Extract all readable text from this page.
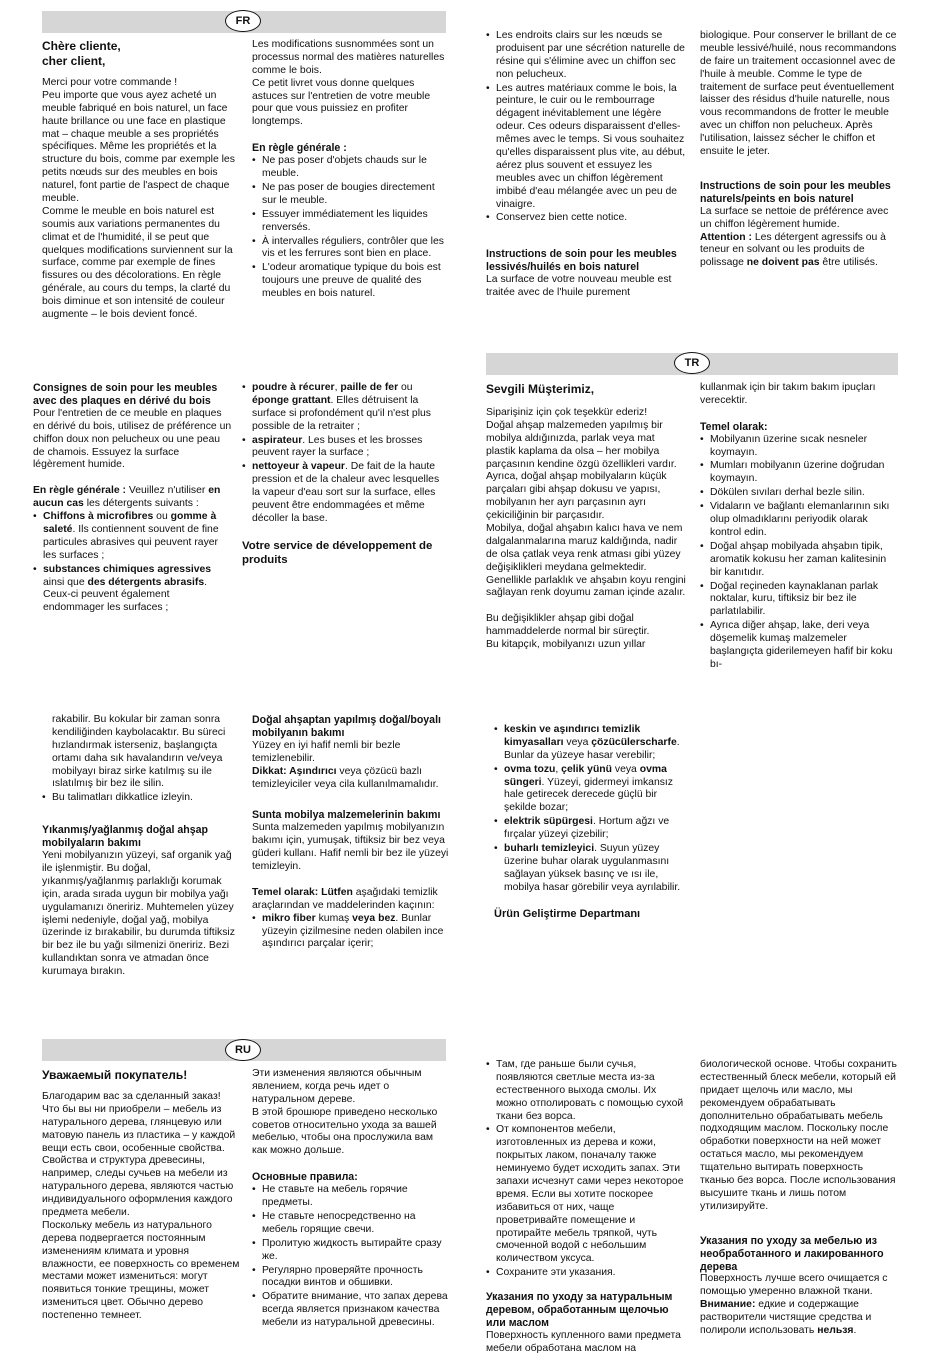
FR
Chère cliente,
cher client,

Merci pour votre commande !

Peu importe que vous ayez acheté un meuble fabriqué en bois naturel, un face haute brillance ou une face en plastique mat – chaque meuble a ses propriétés spécifiques. Même les propriétés et la structure du bois, comme par exemple les petits nœuds sur des meubles en bois naturel, font partie de l'aspect de chaque meuble.

Comme le meuble en bois naturel est soumis aux variations permanentes du climat et de l'humidité, il se peut que quelques modifications surviennent sur la surface, comme par exemple de fines fissures ou des décolorations. En règle générale, au cours du temps, la clarté du bois diminue et son intensité de couleur augmente – le bois devient foncé.

Les modifications susnommées sont un processus normal des matières naturelles comme le bois.

Ce petit livret vous donne quelques astuces sur l'entretien de votre meuble pour que vous puissiez en profiter longtemps.

En règle générale :
• Ne pas poser d'objets chauds sur le meuble.
• Ne pas poser de bougies directement sur le meuble.
• Essuyer immédiatement les liquides renversés.
• À intervalles réguliers, contrôler que les vis et les ferrures sont bien en place.
• L'odeur aromatique typique du bois est toujours une preuve de qualité des meubles en bois naturel.
• Les endroits clairs sur les nœuds se produisent par une sécrétion naturelle de résine qui s'élimine avec un chiffon sec non pelucheux.
• Les autres matériaux comme le bois, la peinture, le cuir ou le rembourrage dégagent inévitablement une légère odeur. Ces odeurs disparaissent d'elles-mêmes avec le temps. Si vous souhaitez qu'elles disparaissent plus vite, au début, aérez plus souvent et essuyez les meubles avec un chiffon légèrement imbibé d'eau mélangée avec un peu de vinaigre.
• Conservez bien cette notice.
Instructions de soin pour les meubles lessivés/huilés en bois naturel

La surface de votre nouveau meuble est traitée avec de l'huile purement

biologique. Pour conserver le brillant de ce meuble lessivé/huilé, nous recommandons de faire un traitement occasionnel avec de l'huile à meuble. Comme le type de traitement de surface peut éventuellement laisser des résidus d'huile naturelle, nous vous recommandons de frotter le meuble avec un chiffon non pelucheux. Après l'utilisation, laissez sécher le chiffon et ensuite le jeter.

Instructions de soin pour les meubles naturels/peints en bois naturel

La surface se nettoie de préférence avec un chiffon légèrement humide.

Attention : Les détergent agressifs ou à teneur en solvant ou les produits de polissage ne doivent pas être utilisés.

Consignes de soin pour les meubles avec des plaques en dérivé du bois

Pour l'entretien de ce meuble en plaques en dérivé du bois, utilisez de préférence un chiffon doux non pelucheux ou une peau de chamois. Essuyez la surface légèrement humide.

En règle générale : Veuillez n'utiliser en aucun cas les détergents suivants :

• Chiffons à microfibres ou gomme à saleté. Ils contiennent souvent de fine particules abrasives qui peuvent rayer les surfaces ;
• substances chimiques agressives ainsi que des détergents abrasifs. Ceux-ci peuvent également endommager les surfaces ;
• poudre à récurer, paille de fer ou éponge grattant. Elles détruisent la surface si profondément qu'il n'est plus possible de la retraiter ;
• aspirateur. Les buses et les brosses peuvent rayer la surface ;
• nettoyeur à vapeur. De fait de la haute pression et de la chaleur avec lesquelles la vapeur d'eau sort sur la surface, elles peuvent être endommagées et même décoller la base.
Votre service de développement de produits
TR
Sevgili Müşterimiz,

Siparişiniz için çok teşekkür ederiz!

Doğal ahşap malzemeden yapılmış bir mobilya aldığınızda, parlak veya mat plastik kaplama da olsa – her mobilya parçasının kendine özgü özellikleri vardır. Ayrıca, doğal ahşap mobilyaların küçük parçaları gibi ahşap dokusu ve yapısı, mobilyanın her ayrı parçasının ayrı çekiciliğinin bir parçasıdır.

Mobilya, doğal ahşabın kalıcı hava ve nem dalgalanmalarına maruz kaldığında, nadir de olsa çatlak veya renk atması gibi yüzey değişiklikleri meydana gelmektedir. Genellikle parlaklık ve ahşabın koyu rengini sağlayan renk doyumu zaman içinde azalır.

Bu değişiklikler ahşap gibi doğal hammaddelerde normal bir süreçtir.

Bu kitapçık, mobilyanızı uzun yıllar

kullanmak için bir takım bakım ipuçları verecektir.

Temel olarak:
• Mobilyanın üzerine sıcak nesneler koymayın.
• Mumları mobilyanın üzerine doğrudan koymayın.
• Dökülen sıvıları derhal bezle silin.
• Vidaların ve bağlantı elemanlarının sıkı olup olmadıklarını periyodik olarak kontrol edin.
• Doğal ahşap mobilyada ahşabın tipik, aromatik kokusu her zaman kalitesinin bir kanıtıdır.
• Doğal reçineden kaynaklanan parlak noktalar, kuru, tiftiksiz bir bez ile parlatılabilir.
• Ayrıca diğer ahşap, lake, deri veya döşemelik kumaş malzemeler başlangıçta giderilemeyen hafif bir koku bı-
rakabilir. Bu kokular bir zaman sonra kendiliğinden kaybolacaktır. Bu süreci hızlandırmak isterseniz, başlangıçta ortamı daha sık havalandırın ve/veya mobilyayı biraz sirke katılmış su ile ıslatılmış bir bez ile silin.
• Bu talimatları dikkatlice izleyin.
Yıkanmış/yağlanmış doğal ahşap mobilyaların bakımı

Yeni mobilyanızın yüzeyi, saf organik yağ ile işlenmiştir. Bu doğal, yıkanmış/yağlanmış parlaklığı korumak için, arada sırada uygun bir mobilya yağı uygulamanızı öneririz. Muhtemelen yüzey işlemi nedeniyle, doğal yağ, mobilya üzerinde iz bırakabilir, bu durumda tiftiksiz bir bez ile bu yağı silmenizi öneririz. Bezi kullandıktan sonra ve atmadan önce kurumaya bırakın.

Doğal ahşaptan yapılmış doğal/boyalı mobilyanın bakımı

Yüzey en iyi hafif nemli bir bezle temizlenebilir.

Dikkat: Aşındırıcı veya çözücü bazlı temizleyiciler veya cila kullanılmamalıdır.

Sunta mobilya malzemelerinin bakımı

Sunta malzemeden yapılmış mobilyanızın bakımı için, yumuşak, tiftiksiz bir bez veya güderi kullanı. Hafif nemli bir bez ile yüzeyi temizleyin.

Temel olarak: Lütfen aşağıdaki temizlik araçlarından ve maddelerinden kaçının:

• mikro fiber kumaş veya bez. Bunlar yüzeyin çizilmesine neden olabilen ince aşındırıcı parçalar içerir;
• keskin ve aşındırıcı temizlik kimyasalları veya çözücülerscharfe. Bunlar da yüzeye hasar verebilir;
• ovma tozu, çelik yünü veya ovma süngeri. Yüzeyi, gidermeyi imkansız hale getirecek derecede güçlü bir şekilde bozar;
• elektrik süpürgesi. Hortum ağzı ve fırçalar yüzeyi çizebilir;
• buharlı temizleyici. Suyun yüzey üzerine buhar olarak uygulanmasını sağlayan yüksek basınç ve ısı ile, mobilya hasar görebilir veya ayrılabilir.
Ürün Geliştirme Departmanı
RU
Уважаемый покупатель!

Благодарим вас за сделанный заказ! Что бы вы ни приобрели – мебель из натурального дерева, глянцевую или матовую панель из пластика – у каждой вещи есть свои, особенные свойства. Свойства и структура древесины, например, следы сучьев на мебели из натурального дерева, являются частью индивидуального оформления каждого предмета мебели.

Поскольку мебель из натурального дерева подвергается постоянным изменениям климата и уровня влажности, ее поверхность со временем местами может измениться: могут появиться тонкие трещины, может измениться цвет. Обычно дерево постепенно темнеет.

Эти изменения являются обычным явлением, когда речь идет о натуральном дереве.

В этой брошюре приведено несколько советов относительно ухода за вашей мебелью, чтобы она прослужила вам как можно дольше.

Основные правила:
• Не ставьте на мебель горячие предметы.
• Не ставьте непосредственно на мебель горящие свечи.
• Пролитую жидкость вытирайте сразу же.
• Регулярно проверяйте прочность посадки винтов и обшивки.
• Обратите внимание, что запах дерева всегда является признаком качества мебели из натуральной древесины.
• Там, где раньше были сучья, появляются светлые места из-за естественного выхода смолы. Их можно отполировать с помощью сухой ткани без ворса.
• От компонентов мебели, изготовленных из дерева и кожи, покрытых лаком, поначалу также неминуемо будет исходить запах. Эти запахи исчезнут сами через некоторое время. Если вы хотите поскорее избавиться от них, чаще проветривайте помещение и протирайте мебель тряпкой, чуть смоченной водой с небольшим количеством уксуса.
• Сохраните эти указания.
Указания по уходу за натуральным деревом, обработанным щелочью или маслом

Поверхность купленного вами предмета мебели обработана маслом на

биологической основе. Чтобы сохранить естественный блеск мебели, который ей придает щелочь или масло, мы рекомендуем обрабатывать дополнительно обрабатывать мебель подходящим маслом. Поскольку после обработки поверхности на ней может остаться масло, мы рекомендуем тщательно вытирать поверхность тканью без ворса. После использования высушите ткань и лишь потом утилизируйте.

Указания по уходу за мебелью из необработанного и лакированного дерева

Поверхность лучше всего очищается с помощью умеренно влажной ткани.

Внимание: едкие и содержащие растворители чистящие средства и полироли использовать нельзя.
